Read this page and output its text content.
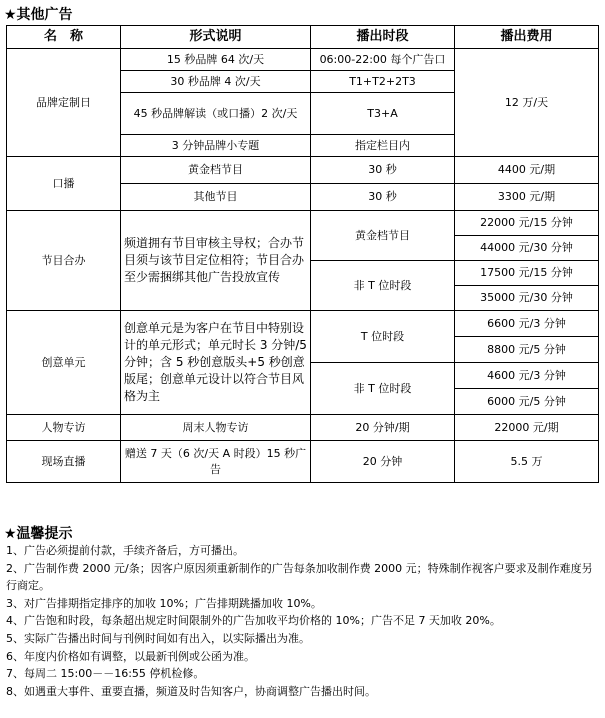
★其他广告
名　称	形式说明	播出时段	播出费用
品牌定制日	15 秒品牌 64 次/天	06:00-22:00 每个广告口	12 万/天
	30 秒品牌 4 次/天	T1+T2+2T3	
	45 秒品牌解读（或口播）2 次/天	T3+A	
	3 分钟品牌小专题	指定栏目内	
口播	黄金档节目	30 秒	4400 元/期
	其他节目	30 秒	3300 元/期
节目合办	频道拥有节目审核主导权；合办节目须与该节目定位相符；节目合办至少需捆绑其他广告投放宣传	黄金档节目	22000 元/15 分钟
			44000 元/30 分钟
		非 T 位时段	17500 元/15 分钟
			35000 元/30 分钟
创意单元	创意单元是为客户在节目中特别设计的单元形式；单元时长 3 分钟/5 分钟；含 5 秒创意版头+5 秒创意版尾；创意单元设计以符合节目风格为主	T 位时段	6600 元/3 分钟
			8800 元/5 分钟
		非 T 位时段	4600 元/3 分钟
			6000 元/5 分钟
人物专访	周末人物专访	20 分钟/期	22000 元/期
现场直播	赠送 7 天（6 次/天 A 时段）15 秒广告	20 分钟	5.5 万
★温馨提示
1、广告必须提前付款，手续齐备后，方可播出。
2、广告制作费 2000 元/条；因客户原因须重新制作的广告每条加收制作费 2000 元；特殊制作视客户要求及制作难度另行商定。
3、对广告排期指定排序的加收 10%；广告排期跳播加收 10%。
4、广告饱和时段，每条超出规定时间限制外的广告加收平均价格的 10%；广告不足 7 天加收 20%。
5、实际广告播出时间与刊例时间如有出入，以实际播出为准。
6、年度内价格如有调整，以最新刊例或公函为准。
7、每周二 15:00－－16:55 停机检修。
8、如遇重大事件、重要直播，频道及时告知客户，协商调整广告播出时间。
